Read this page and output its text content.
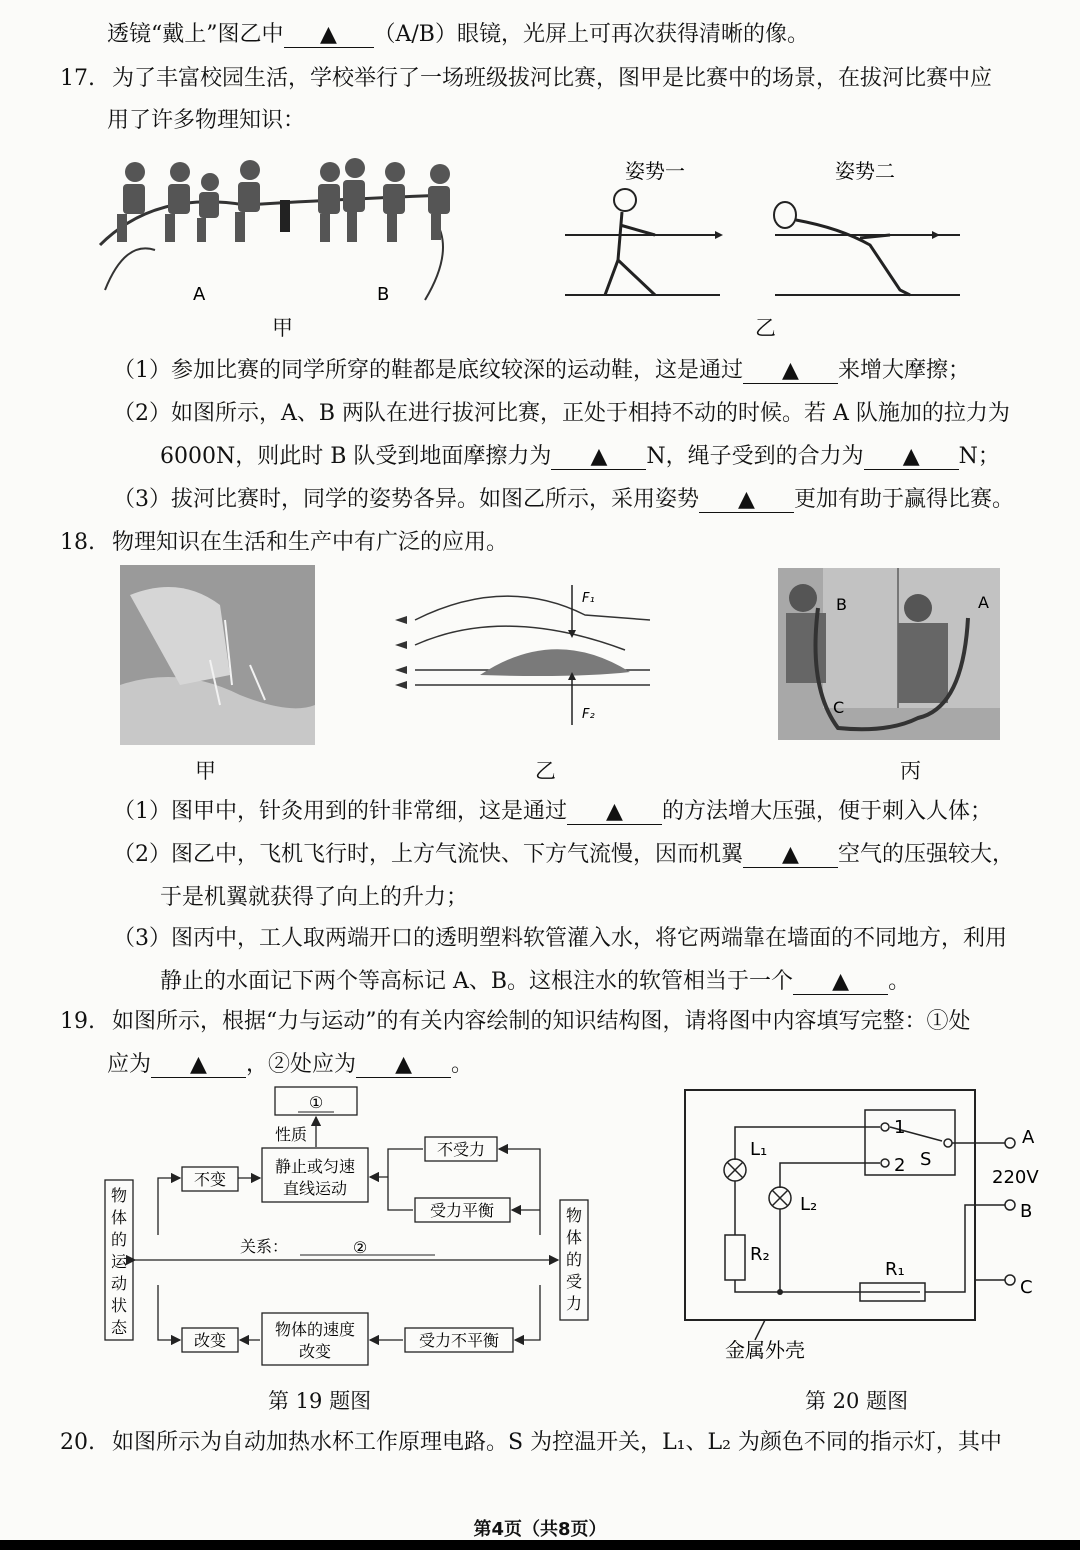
透镜“戴上”图乙中 ▲ （A/B）眼镜，光屏上可再次获得清晰的像。
17. 为了丰富校园生活，学校举行了一场班级拔河比赛，图甲是比赛中的场景，在拔河比赛中应
用了许多物理知识：
A	B
甲
姿势一	姿势二
乙
（1）参加比赛的同学所穿的鞋都是底纹较深的运动鞋，这是通过 ▲ 来增大摩擦；
（2）如图所示，A、B 两队在进行拔河比赛，正处于相持不动的时候。若 A 队施加的拉力为
6000N，则此时 B 队受到地面摩擦力为 ▲ N，绳子受到的合力为 ▲ N；
（3）拔河比赛时，同学的姿势各异。如图乙所示，采用姿势 ▲ 更加有助于赢得比赛。
18. 物理知识在生活和生产中有广泛的应用。
甲
F₁
F₂
乙
B	A
C
丙
（1）图甲中，针灸用到的针非常细，这是通过 ▲ 的方法增大压强，便于刺入人体；
（2）图乙中，飞机飞行时，上方气流快、下方气流慢，因而机翼 ▲ 空气的压强较大，
于是机翼就获得了向上的升力；
（3）图丙中，工人取两端开口的透明塑料软管灌入水，将它两端靠在墙面的不同地方，利用
静止的水面记下两个等高标记 A、B。这根注水的软管相当于一个 ▲ 。
19. 如图所示，根据“力与运动”的有关内容绘制的知识结构图，请将图中内容填写完整：①处
应为 ▲ ，②处应为 ▲ 。
①
性质
静止或匀速
直线运动
物
体
的
运
动
状
态
物
体
的
受
力
不变
不受力
受力平衡
关系：	②
改变
物体的速度
改变
受力不平衡
第 19 题图
1
2 S
A
220V
L₁
R₂
L₂
R₁
B
C
金属外壳
第 20 题图
20. 如图所示为自动加热水杯工作原理电路。S 为控温开关，L₁、L₂ 为颜色不同的指示灯，其中
第4页（共8页）
